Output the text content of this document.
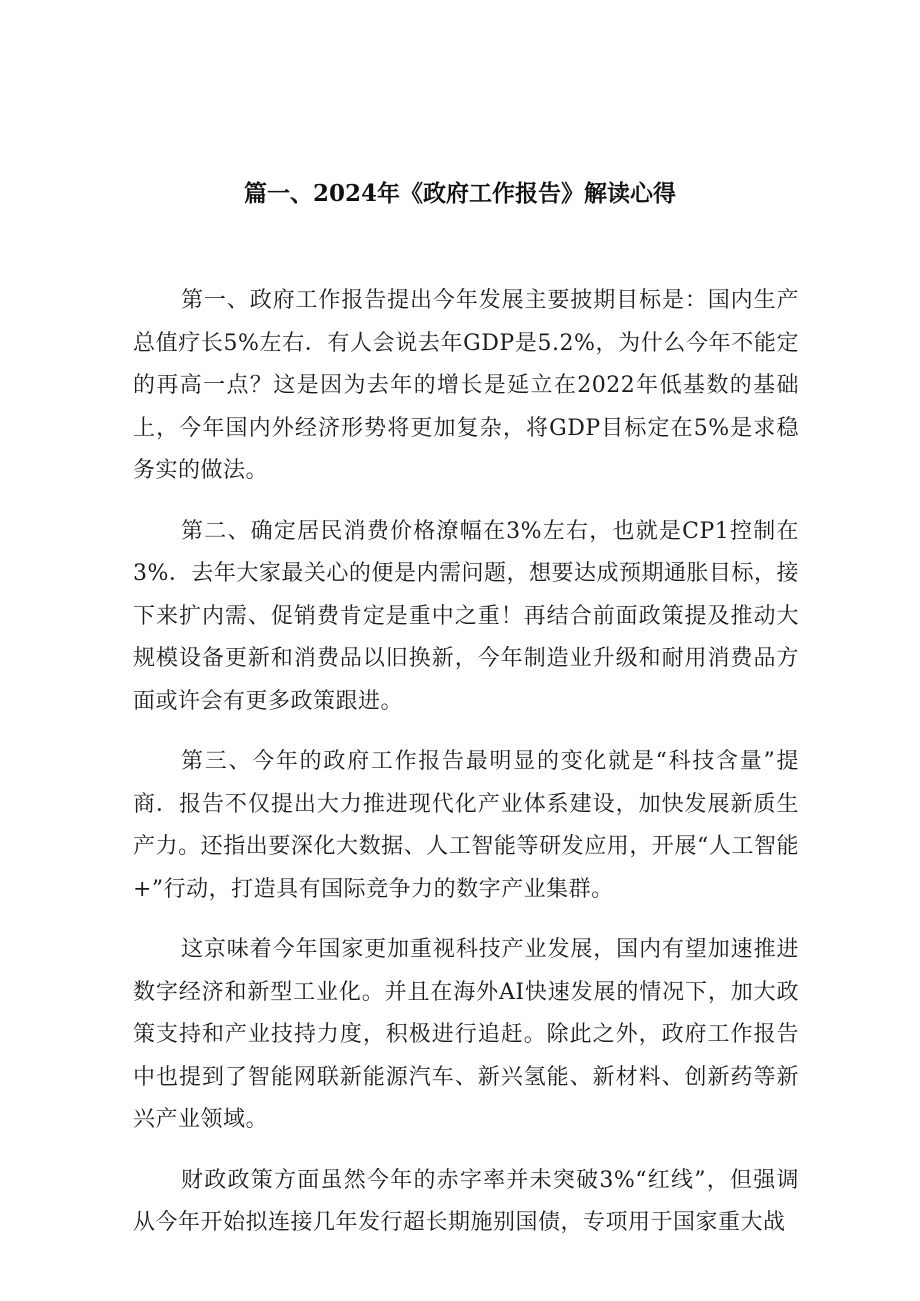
篇一、2024年《政府工作报告》解读心得

第一、政府工作报告提出今年发展主要披期目标是：国内生产总值疗长5%左右．有人会说去年GDP是5.2%，为什么今年不能定的再高一点？这是因为去年的增长是延立在2022年低基数的基础上，今年国内外经济形势将更加复杂，将GDP目标定在5%是求稳务实的做法。

第二、确定居民消费价格潦幅在3%左右，也就是CP1控制在3%．去年大家最关心的便是内需问题，想要达成预期通胀目标，接下来扩内需、促销费肯定是重中之重！再结合前面政策提及推动大规模设备更新和消费品以旧换新，今年制造业升级和耐用消费品方面或许会有更多政策跟进。

第三、今年的政府工作报告最明显的变化就是“科技含量”提商．报告不仅提出大力推进现代化产业体系建设，加快发展新质生产力。还指出要深化大数据、人工智能等研发应用，开展“人工智能+”行动，打造具有国际竞争力的数字产业集群。

这京味着今年国家更加重视科技产业发展，国内有望加速推进数字经济和新型工业化。并且在海外AI快速发展的情况下，加大政策支持和产业技持力度，积极进行追赶。除此之外，政府工作报告中也提到了智能网联新能源汽车、新兴氢能、新材料、创新药等新兴产业领域。

财政政策方面虽然今年的赤字率并未突破3%“红线”，但强调从今年开始拟连接几年发行超长期施别国债，专项用于国家重大战
